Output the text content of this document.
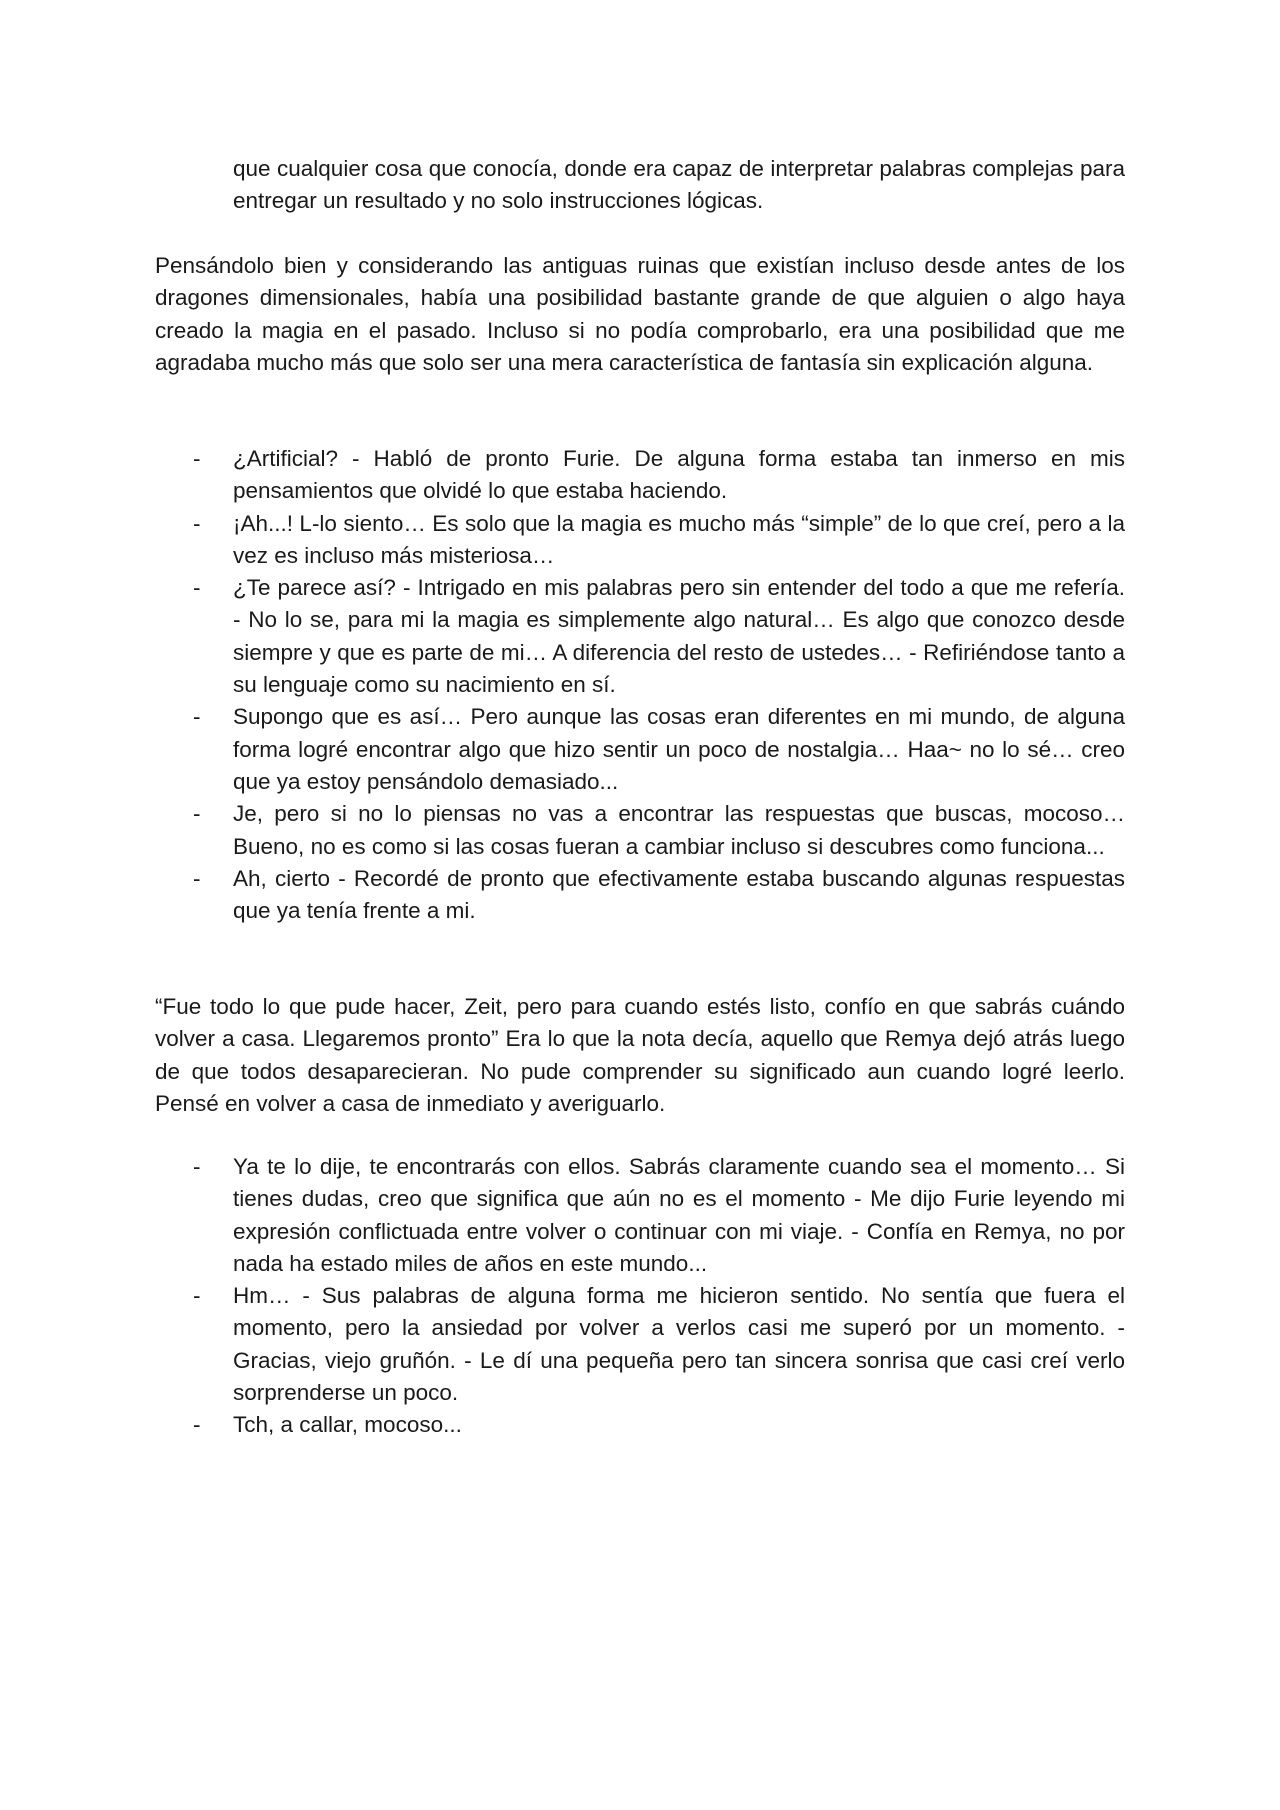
que cualquier cosa que conocía, donde era capaz de interpretar palabras complejas para entregar un resultado y no solo instrucciones lógicas.

Pensándolo bien y considerando las antiguas ruinas que existían incluso desde antes de los dragones dimensionales, había una posibilidad bastante grande de que alguien o algo haya creado la magia en el pasado. Incluso si no podía comprobarlo, era una posibilidad que me agradaba mucho más que solo ser una mera característica de fantasía sin explicación alguna.

- ¿Artificial? - Habló de pronto Furie. De alguna forma estaba tan inmerso en mis pensamientos que olvidé lo que estaba haciendo.
- ¡Ah...! L-lo siento… Es solo que la magia es mucho más “simple” de lo que creí, pero a la vez es incluso más misteriosa…
- ¿Te parece así? - Intrigado en mis palabras pero sin entender del todo a que me refería. - No lo se, para mi la magia es simplemente algo natural… Es algo que conozco desde siempre y que es parte de mi… A diferencia del resto de ustedes… - Refiriéndose tanto a su lenguaje como su nacimiento en sí.
- Supongo que es así… Pero aunque las cosas eran diferentes en mi mundo, de alguna forma logré encontrar algo que hizo sentir un poco de nostalgia… Haa~ no lo sé… creo que ya estoy pensándolo demasiado...
- Je, pero si no lo piensas no vas a encontrar las respuestas que buscas, mocoso… Bueno, no es como si las cosas fueran a cambiar incluso si descubres como funciona...
- Ah, cierto - Recordé de pronto que efectivamente estaba buscando algunas respuestas que ya tenía frente a mi.

“Fue todo lo que pude hacer, Zeit, pero para cuando estés listo, confío en que sabrás cuándo volver a casa. Llegaremos pronto” Era lo que la nota decía, aquello que Remya dejó atrás luego de que todos desaparecieran. No pude comprender su significado aun cuando logré leerlo. Pensé en volver a casa de inmediato y averiguarlo.

- Ya te lo dije, te encontrarás con ellos. Sabrás claramente cuando sea el momento… Si tienes dudas, creo que significa que aún no es el momento - Me dijo Furie leyendo mi expresión conflictuada entre volver o continuar con mi viaje. - Confía en Remya, no por nada ha estado miles de años en este mundo...
- Hm… - Sus palabras de alguna forma me hicieron sentido. No sentía que fuera el momento, pero la ansiedad por volver a verlos casi me superó por un momento. - Gracias, viejo gruñón. - Le dí una pequeña pero tan sincera sonrisa que casi creí verlo sorprenderse un poco.
- Tch, a callar, mocoso...
